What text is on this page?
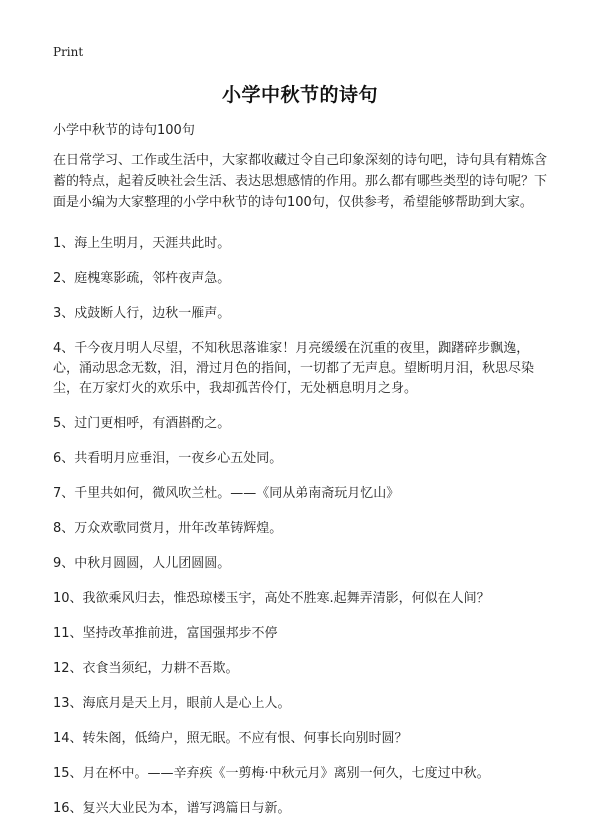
Print
小学中秋节的诗句
小学中秋节的诗句100句
在日常学习、工作或生活中，大家都收藏过令自己印象深刻的诗句吧，诗句具有精炼含蓄的特点，起着反映社会生活、表达思想感情的作用。那么都有哪些类型的诗句呢？下面是小编为大家整理的小学中秋节的诗句100句，仅供参考，希望能够帮助到大家。
1、海上生明月，天涯共此时。
2、庭槐寒影疏，邻杵夜声急。
3、戍鼓断人行，边秋一雁声。
4、千今夜月明人尽望，不知秋思落谁家！月亮缓缓在沉重的夜里，踟躇碎步飘逸，心，涌动思念无数，泪，滑过月色的指间，一切都了无声息。望断明月泪，秋思尽染尘，在万家灯火的欢乐中，我却孤苦伶仃，无处栖息明月之身。
5、过门更相呼，有酒斟酌之。
6、共看明月应垂泪，一夜乡心五处同。
7、千里共如何，微风吹兰杜。——《同从弟南斋玩月忆山》
8、万众欢歌同赏月，卅年改革铸辉煌。
9、中秋月圆圆，人儿团圆圆。
10、我欲乘风归去，惟恐琼楼玉宇，高处不胜寒.起舞弄清影，何似在人间？
11、坚持改革推前进，富国强邦步不停
12、衣食当须纪，力耕不吾欺。
13、海底月是天上月，眼前人是心上人。
14、转朱阁，低绮户，照无眠。不应有恨、何事长向别时圆？
15、月在杯中。——辛弃疾《一剪梅·中秋元月》离别一何久，七度过中秋。
16、复兴大业民为本，谱写鸿篇日与新。
